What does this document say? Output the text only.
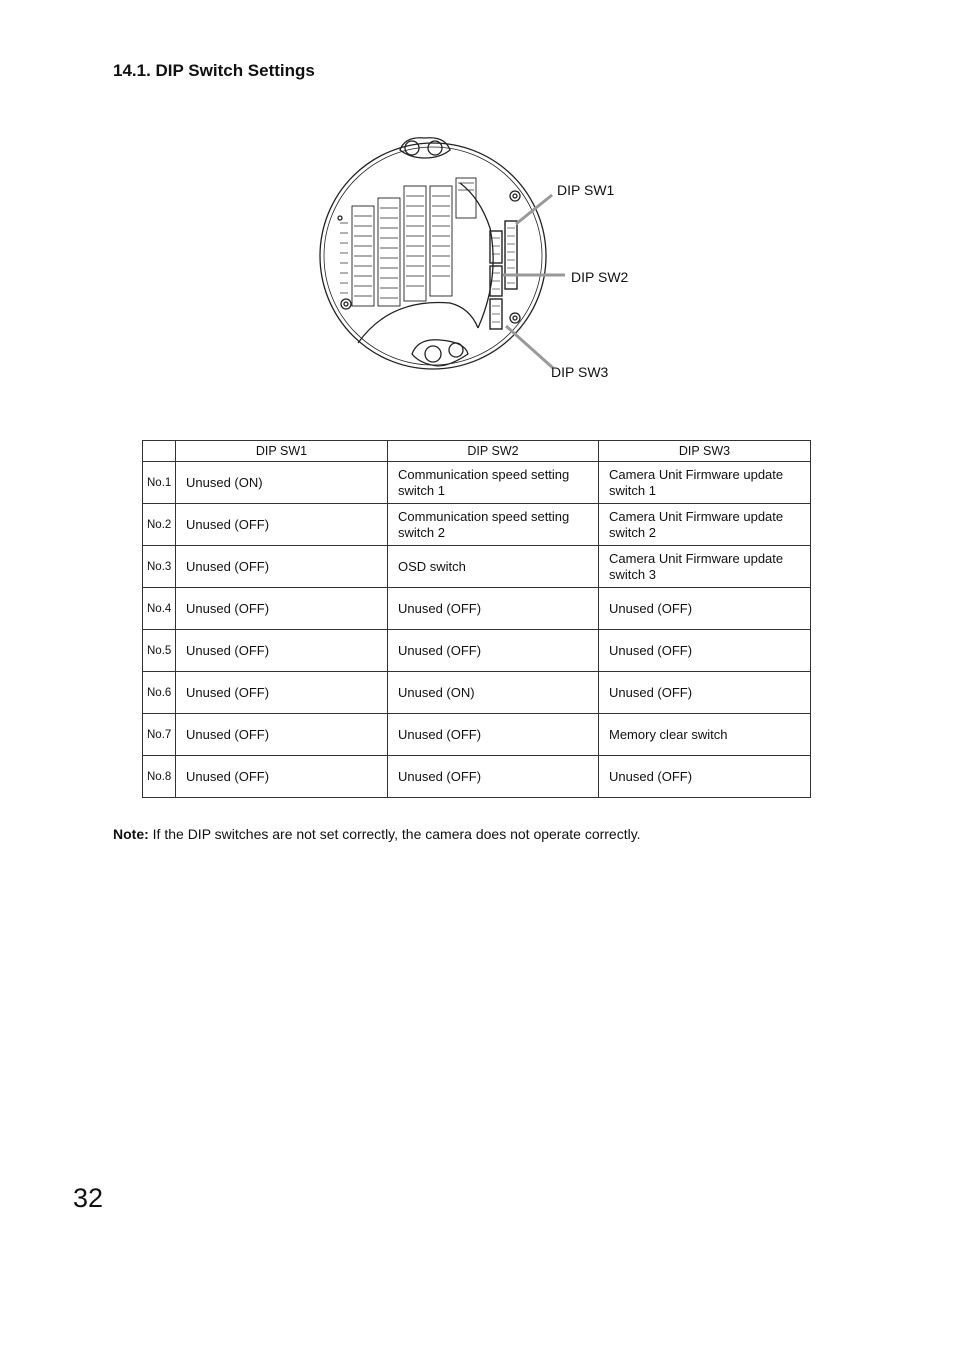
14.1. DIP Switch Settings
DIP SW1
DIP SW2
DIP SW3
	DIP SW1	DIP SW2	DIP SW3
No.1	Unused (ON)	Communication speed setting switch 1	Camera Unit Firmware update switch 1
No.2	Unused (OFF)	Communication speed setting switch 2	Camera Unit Firmware update switch 2
No.3	Unused (OFF)	OSD switch	Camera Unit Firmware update switch 3
No.4	Unused (OFF)	Unused (OFF)	Unused (OFF)
No.5	Unused (OFF)	Unused (OFF)	Unused (OFF)
No.6	Unused (OFF)	Unused (ON)	Unused (OFF)
No.7	Unused (OFF)	Unused (OFF)	Memory clear switch
No.8	Unused (OFF)	Unused (OFF)	Unused (OFF)
Note: If the DIP switches are not set correctly, the camera does not operate correctly.
32
